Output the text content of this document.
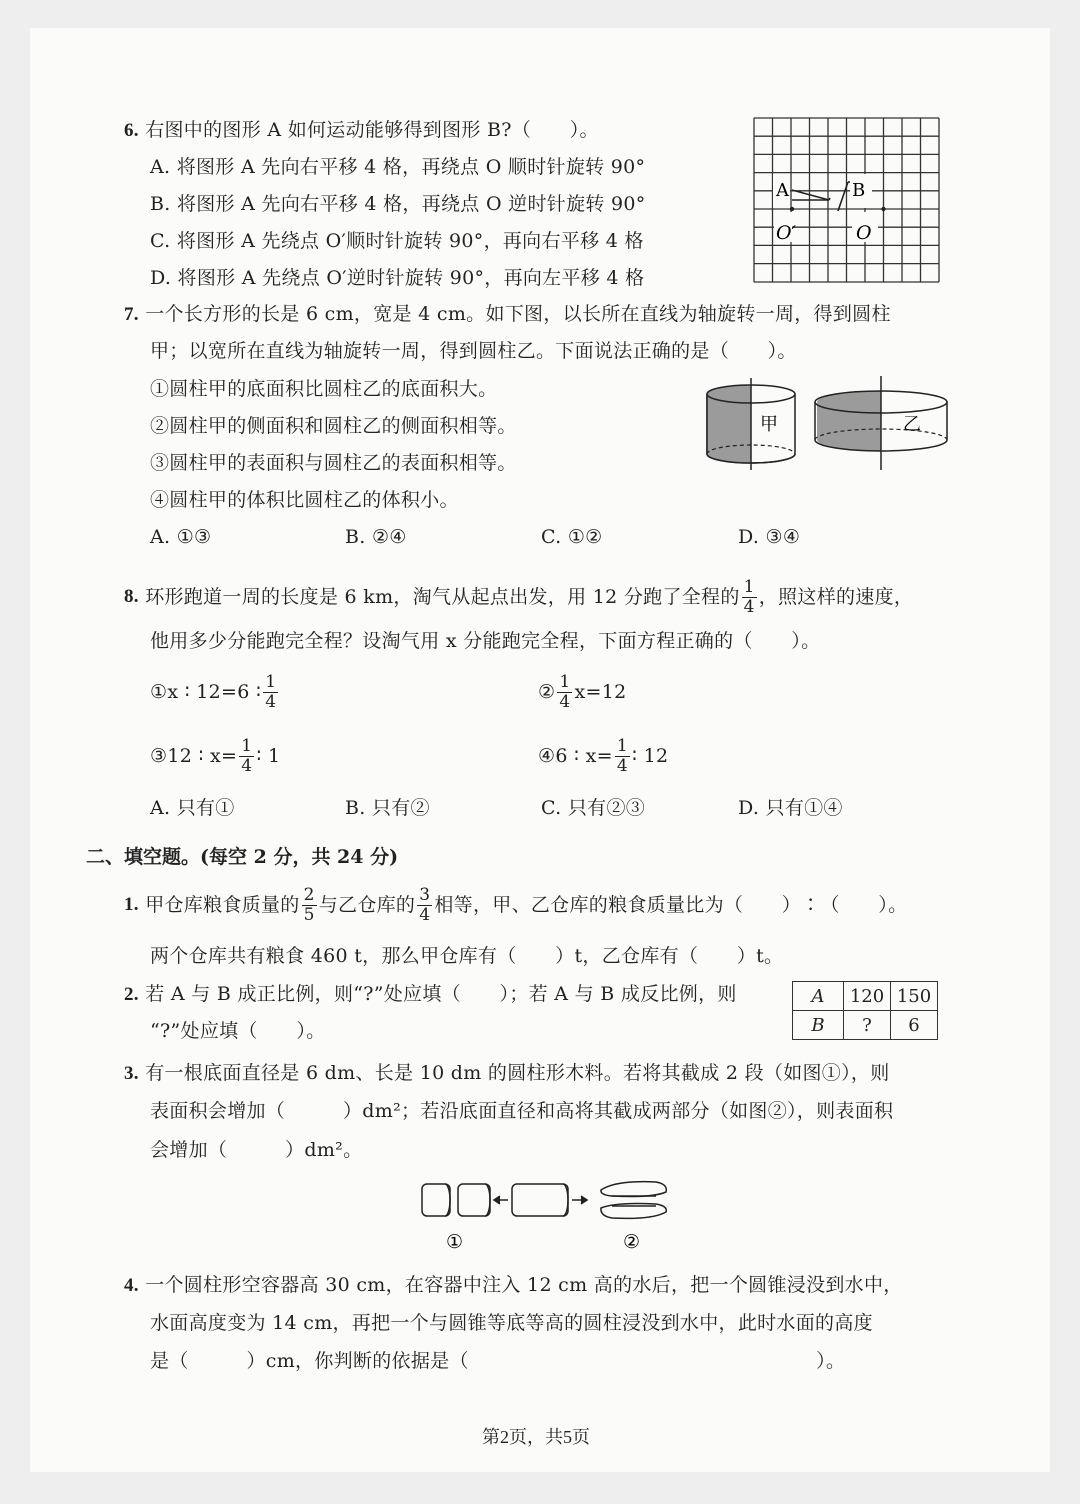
6. 右图中的图形 A 如何运动能够得到图形 B?（　　）。
A. 将图形 A 先向右平移 4 格，再绕点 O 顺时针旋转 90°
B. 将图形 A 先向右平移 4 格，再绕点 O 逆时针旋转 90°
C. 将图形 A 先绕点 O′顺时针旋转 90°，再向右平移 4 格
D. 将图形 A 先绕点 O′逆时针旋转 90°，再向左平移 4 格
A	B
O′	O
7. 一个长方形的长是 6 cm，宽是 4 cm。如下图，以长所在直线为轴旋转一周，得到圆柱
甲；以宽所在直线为轴旋转一周，得到圆柱乙。下面说法正确的是（　　）。
①圆柱甲的底面积比圆柱乙的底面积大。
②圆柱甲的侧面积和圆柱乙的侧面积相等。
③圆柱甲的表面积与圆柱乙的表面积相等。
④圆柱甲的体积比圆柱乙的体积小。
A. ①③	B. ②④	C. ①②	D. ③④
甲	乙
8.
环形跑道一周的长度是 6 km，淘气从起点出发，用 12 分跑了全程的 $\frac{1}{4}$ ，照这样的速度，
他用多少分能跑完全程？设淘气用 x 分能跑完全程，下面方程正确的（　　）。
①x ∶ 12=6 ∶ $\frac{1}{4}$	② $\frac{1}{4} x=12$
③12 ∶ $x= \frac{1}{4}$ ∶ 1	④6 ∶ $x= \frac{1}{4}$ ∶ 12
A. 只有①	B. 只有②	C. 只有②③	D. 只有①④
二、填空题。(每空 2 分，共 24 分)
1.
甲仓库粮食质量的 $\frac{2}{5}$ 与乙仓库的 $\frac{3}{4}$ 相等，甲、乙仓库的粮食质量比为（　　）∶（　　）。
两个仓库共有粮食 460 t，那么甲仓库有（　　）t，乙仓库有（　　）t。
2. 若 A 与 B 成正比例，则“?”处应填（　　）；若 A 与 B 成反比例，则
“?”处应填（　　）。
A	120	150
B	?	6
3. 有一根底面直径是 6 dm、长是 10 dm 的圆柱形木料。若将其截成 2 段（如图①），则
表面积会增加（　　　）dm²；若沿底面直径和高将其截成两部分（如图②），则表面积
会增加（　　　）dm²。
①	②
4. 一个圆柱形空容器高 30 cm，在容器中注入 12 cm 高的水后，把一个圆锥浸没到水中，
水面高度变为 14 cm，再把一个与圆锥等底等高的圆柱浸没到水中，此时水面的高度
是（　　　）cm，你判断的依据是（　　　　　　　　　　　　　　　　　　）。
第2页，共5页
